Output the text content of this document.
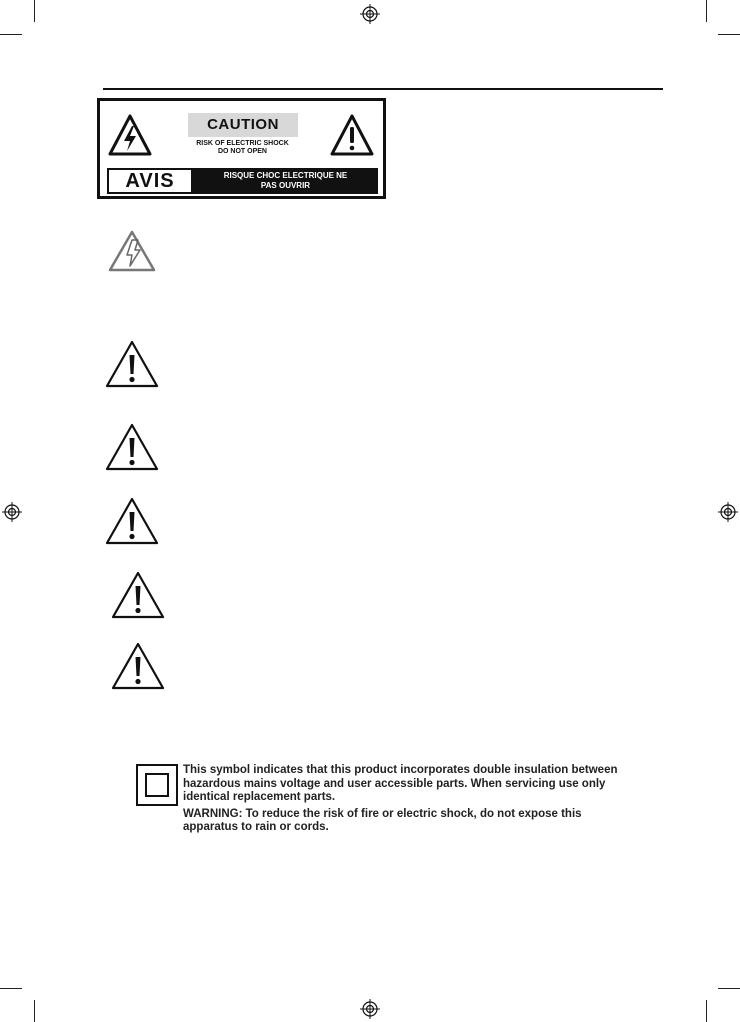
CAUTION
RISK OF ELECTRIC SHOCK
DO NOT OPEN
AVIS	RISQUE CHOC ELECTRIQUE NE
PAS OUVRIR

This symbol indicates that this product incorporates double insulation between hazardous mains voltage and user accessible parts. When servicing use only identical replacement parts.

WARNING: To reduce the risk of fire or electric shock, do not expose this apparatus to rain or cords.
